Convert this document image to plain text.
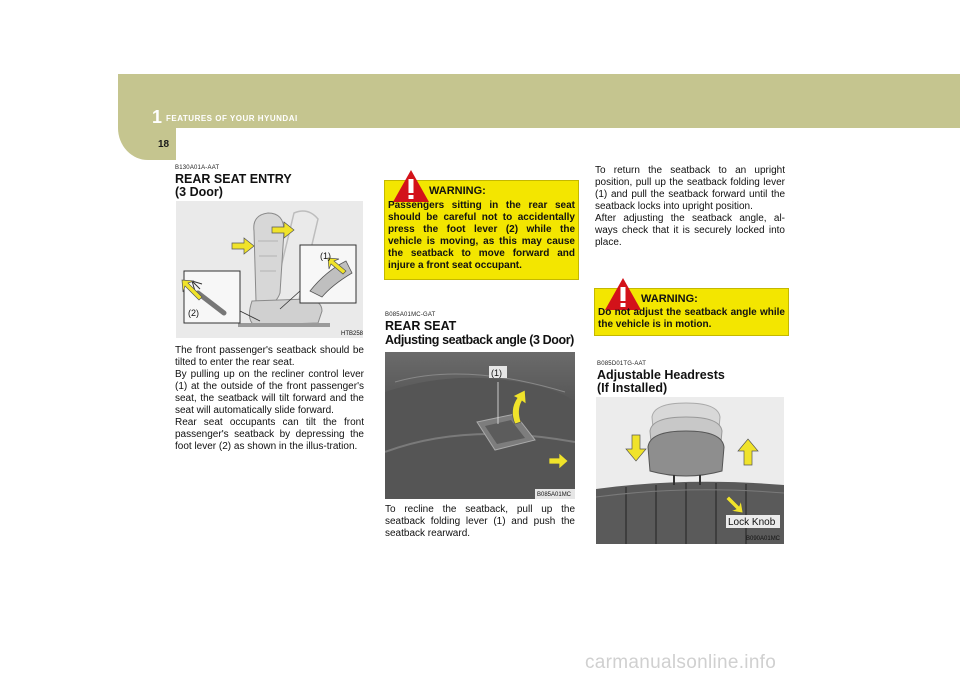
1 FEATURES OF YOUR HYUNDAI
18
B130A01A-AAT
REAR SEAT ENTRY
(3 Door)
(1)
(2)
HTB258
The front passenger's seatback should be tilted to enter the rear seat.
By pulling up on the recliner control lever (1) at the outside of the front passenger's seat, the seatback will tilt forward and the seat will automatically slide forward.
Rear seat occupants can tilt the front passenger's seatback by depressing the foot lever (2) as shown in the illus-tration.
WARNING:
Passengers sitting in the rear seat should be careful not to accidentally press the foot lever (2) while the vehicle is moving, as this may cause the seatback to move forward and injure a front seat occupant.
B085A01MC-GAT
REAR SEAT
Adjusting seatback angle (3 Door)
(1)
B085A01MC
To recline the seatback, pull up the seatback folding lever (1) and push the seatback rearward.
To return the seatback to an upright position, pull up the seatback folding lever (1) and pull the seatback forward until the seatback locks into upright position.
After adjusting the seatback angle, al-ways check that it is securely locked into place.
WARNING:
Do not adjust the seatback angle while the vehicle is in motion.
B085D01TG-AAT
Adjustable Headrests
(If Installed)
Lock Knob
B090A01MC
carmanualsonline.info
